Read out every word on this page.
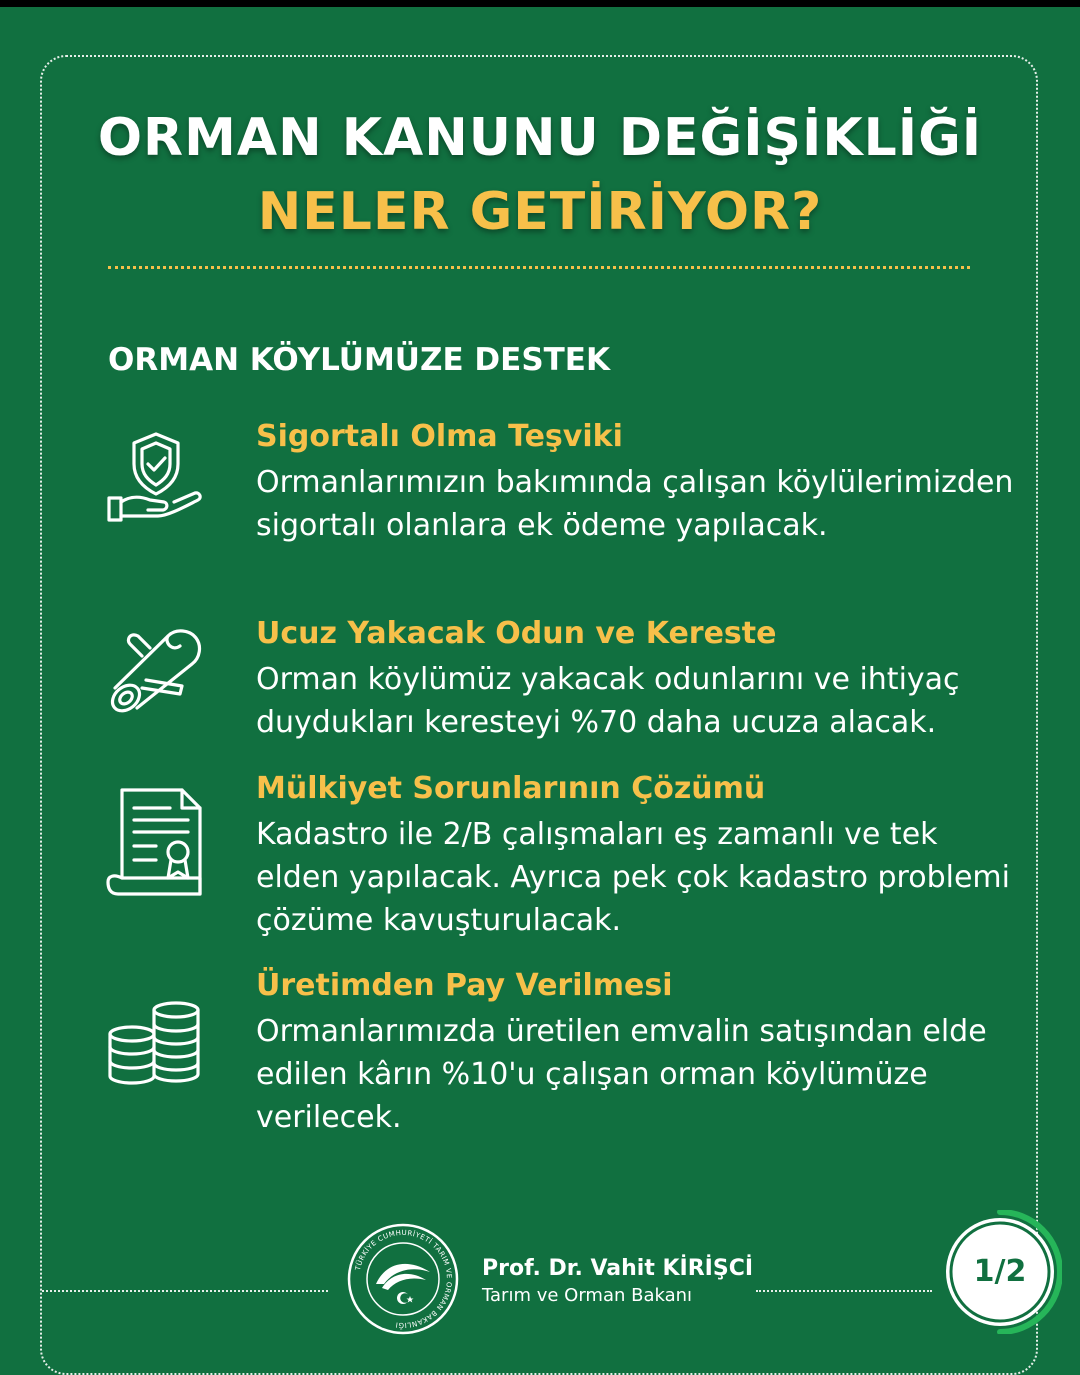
ORMAN KANUNU DEĞİŞİKLİĞİ
NELER GETİRİYOR?
ORMAN KÖYLÜMÜZE DESTEK
Sigortalı Olma Teşviki
Ormanlarımızın bakımında çalışan köylülerimizden sigortalı olanlara ek ödeme yapılacak.
Ucuz Yakacak Odun ve Kereste
Orman köylümüz yakacak odunlarını ve ihtiyaç duydukları keresteyi %70 daha ucuza alacak.
Mülkiyet Sorunlarının Çözümü
Kadastro ile 2/B çalışmaları eş zamanlı ve tek elden yapılacak. Ayrıca pek çok kadastro problemi çözüme kavuşturulacak.
Üretimden Pay Verilmesi
Ormanlarımızda üretilen emvalin satışından elde edilen kârın %10'u çalışan orman köylümüze verilecek.
TÜRKİYE CUMHURİYETİ TARIM VE ORMAN BAKANLIĞI
Prof. Dr. Vahit KİRİŞCİ
Tarım ve Orman Bakanı
1/2
